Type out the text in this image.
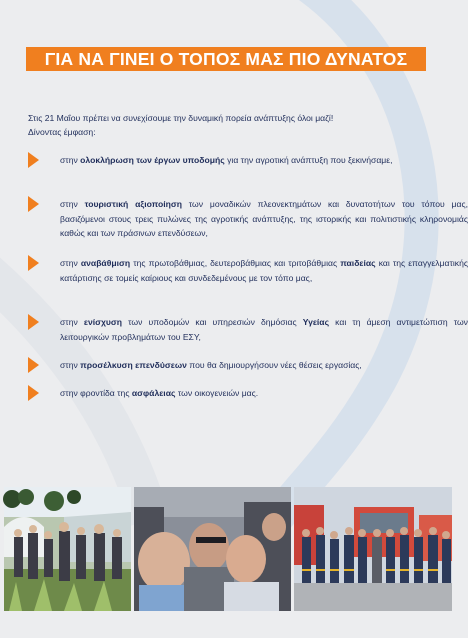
ΓΙΑ ΝΑ ΓΙΝΕΙ Ο ΤΟΠΟΣ ΜΑΣ ΠΙΟ ΔΥΝΑΤΟΣ
Στις 21 Μαΐου πρέπει να συνεχίσουμε την δυναμική πορεία ανάπτυξης όλοι μαζί!
Δίνοντας έμφαση:
στην ολοκλήρωση των έργων υποδομής για την αγροτική ανάπτυξη που ξεκινήσαμε,
στην τουριστική αξιοποίηση των μοναδικών πλεονεκτημάτων και δυνατοτήτων του τόπου μας, βασιζόμενοι στους τρεις πυλώνες της αγροτικής ανάπτυξης, της ιστορικής και πολιτιστικής κληρονομιάς καθώς και των πράσινων επενδύσεων,
στην αναβάθμιση της πρωτοβάθμιας, δευτεροβάθμιας και τριτοβάθμιας παιδείας και της επαγγελματικής κατάρτισης σε τομείς καίριους και συνδεδεμένους με τον τόπο μας,
στην ενίσχυση των υποδομών και υπηρεσιών δημόσιας Υγείας και τη άμεση αντιμετώπιση των λειτουργικών προβλημάτων του ΕΣΥ,
στην προσέλκυση επενδύσεων που θα δημιουργήσουν νέες θέσεις εργασίας,
στην φροντίδα της ασφάλειας των οικογενειών μας.
